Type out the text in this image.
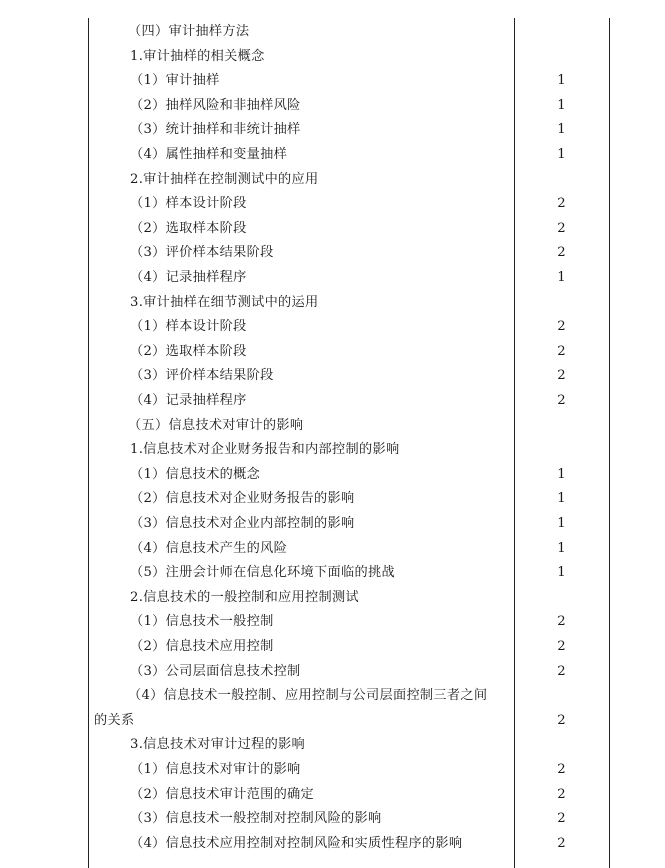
（四）审计抽样方法
1.审计抽样的相关概念
（1）审计抽样	1
（2）抽样风险和非抽样风险	1
（3）统计抽样和非统计抽样	1
（4）属性抽样和变量抽样	1
2.审计抽样在控制测试中的应用
（1）样本设计阶段	2
（2）选取样本阶段	2
（3）评价样本结果阶段	2
（4）记录抽样程序	1
3.审计抽样在细节测试中的运用
（1）样本设计阶段	2
（2）选取样本阶段	2
（3）评价样本结果阶段	2
（4）记录抽样程序	2
（五）信息技术对审计的影响
1.信息技术对企业财务报告和内部控制的影响
（1）信息技术的概念	1
（2）信息技术对企业财务报告的影响	1
（3）信息技术对企业内部控制的影响	1
（4）信息技术产生的风险	1
（5）注册会计师在信息化环境下面临的挑战	1
2.信息技术的一般控制和应用控制测试
（1）信息技术一般控制	2
（2）信息技术应用控制	2
（3）公司层面信息技术控制	2
（4）信息技术一般控制、应用控制与公司层面控制三者之间
的关系	2
3.信息技术对审计过程的影响
（1）信息技术对审计的影响	2
（2）信息技术审计范围的确定	2
（3）信息技术一般控制对控制风险的影响	2
（4）信息技术应用控制对控制风险和实质性程序的影响	2
